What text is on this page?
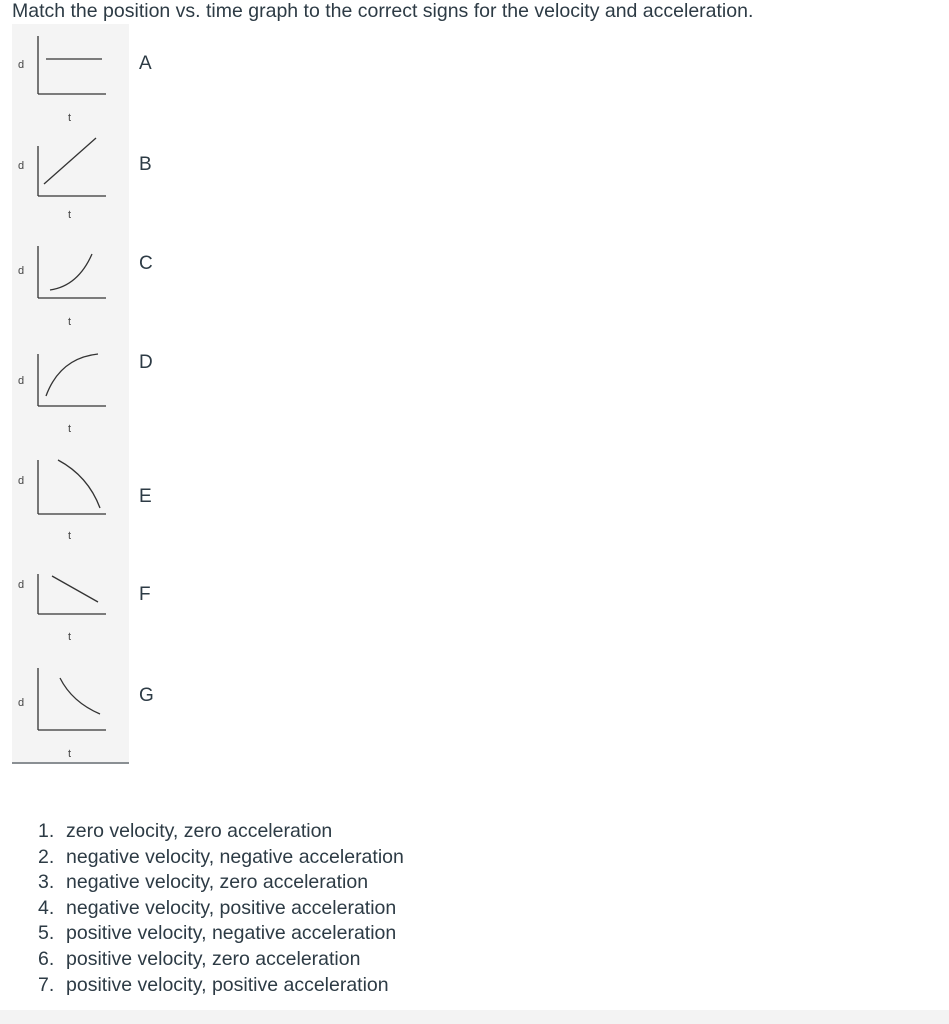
Match the position vs. time graph to the correct signs for the velocity and acceleration.
d
t
d
t
d
t
d
t
d
t
d
t
d
t
A
B
C
D
E
F
G
1. zero velocity, zero acceleration
2. negative velocity, negative acceleration
3. negative velocity, zero acceleration
4. negative velocity, positive acceleration
5. positive velocity, negative acceleration
6. positive velocity, zero acceleration
7. positive velocity, positive acceleration
